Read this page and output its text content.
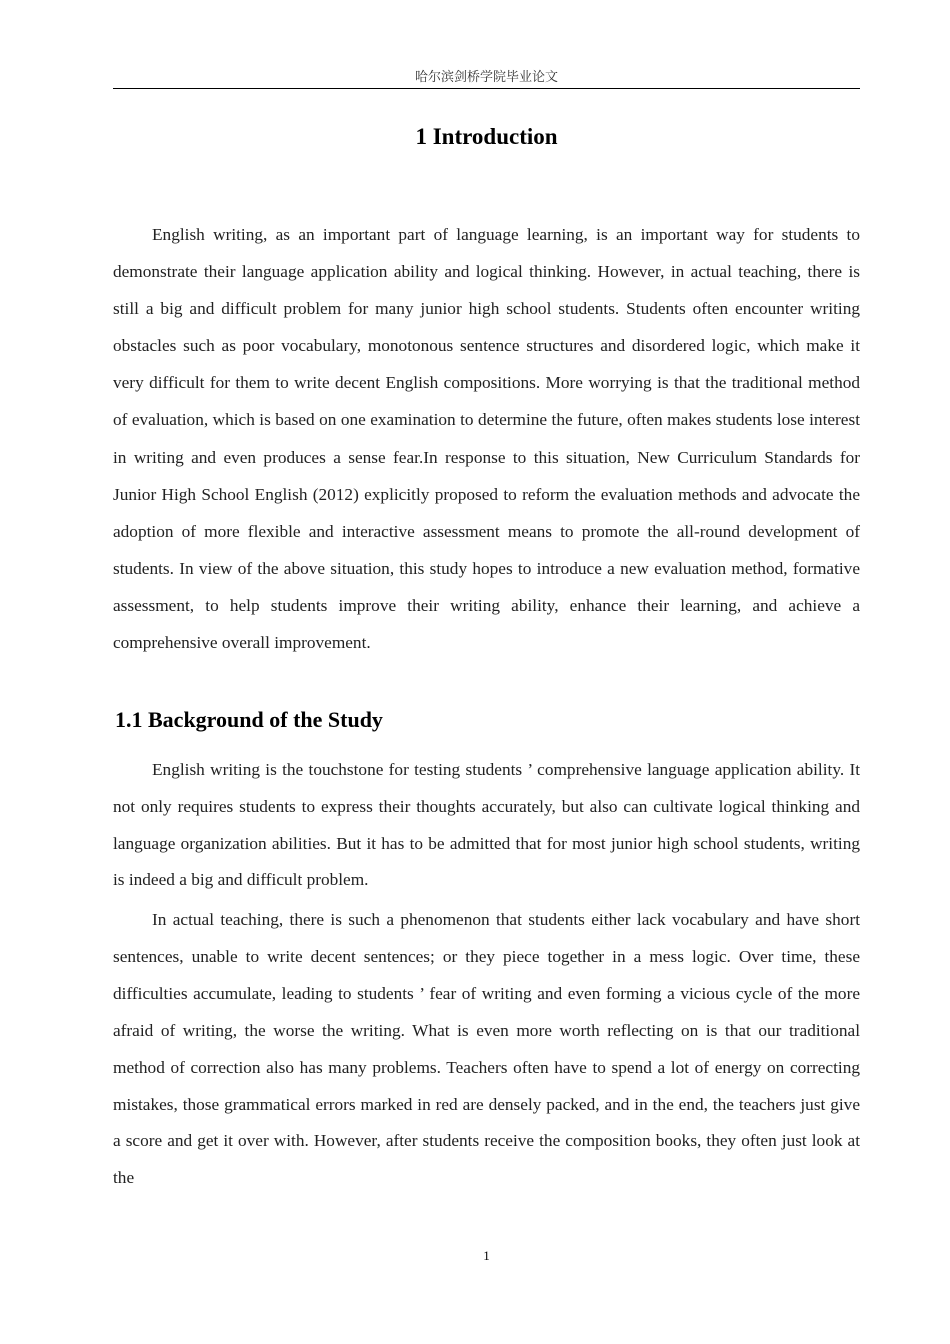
哈尔滨剑桥学院毕业论文
1 Introduction

English writing, as an important part of language learning, is an important way for students to demonstrate their language application ability and logical thinking. However, in actual teaching, there is still a big and difficult problem for many junior high school students. Students often encounter writing obstacles such as poor vocabulary, monotonous sentence structures and disordered logic, which make it very difficult for them to write decent English compositions. More worrying is that the traditional method of evaluation, which is based on one examination to determine the future, often makes students lose interest in writing and even produces a sense fear.In response to this situation, New Curriculum Standards for Junior High School English (2012) explicitly proposed to reform the evaluation methods and advocate the adoption of more flexible and interactive assessment means to promote the all-round development of students. In view of the above situation, this study hopes to introduce a new evaluation method, formative assessment, to help students improve their writing ability, enhance their learning, and achieve a comprehensive overall improvement.

1.1 Background of the Study

English writing is the touchstone for testing students ’ comprehensive language application ability. It not only requires students to express their thoughts accurately, but also can cultivate logical thinking and language organization abilities. But it has to be admitted that for most junior high school students, writing is indeed a big and difficult problem.

In actual teaching, there is such a phenomenon that students either lack vocabulary and have short sentences, unable to write decent sentences; or they piece together in a mess logic. Over time, these difficulties accumulate, leading to students ’ fear of writing and even forming a vicious cycle of the more afraid of writing, the worse the writing. What is even more worth reflecting on is that our traditional method of correction also has many problems. Teachers often have to spend a lot of energy on correcting mistakes, those grammatical errors marked in red are densely packed, and in the end, the teachers just give a score and get it over with. However, after students receive the composition books, they often just look at the

1
